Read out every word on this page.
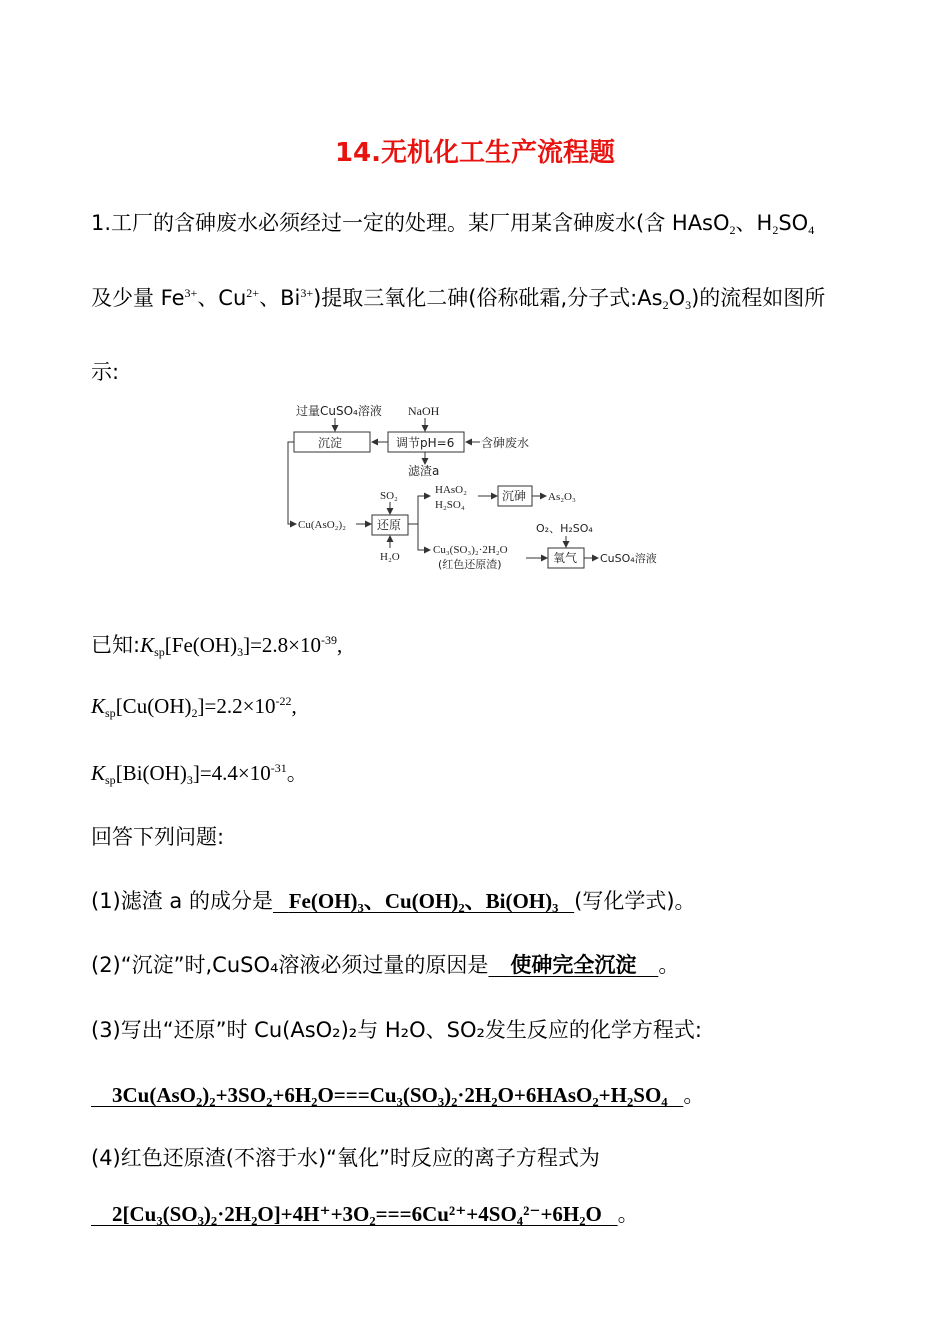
14.无机化工生产流程题
1.工厂的含砷废水必须经过一定的处理。某厂用某含砷废水(含 HAsO$_2$、$H_2SO_4$
及少量 $Fe^{3+}$、$Cu^{2+}$、$Bi^{3+}$)提取三氧化二砷(俗称砒霜,分子式$:As_2O_3$)的流程如图所
示:
过量CuSO₄溶液 NaOH
沉淀	调节pH=6 含砷废水
滤渣a
SO₂	HAsO₂
H₂SO₄
沉砷 As₂O₃
Cu(AsO₂)₂	还原
H₂O
Cu₃(SO₃)₂·2H₂O
(红色还原渣)
O₂、H₂SO₄
氧气 CuSO₄溶液
已知$:K_{sp}[Fe(OH)_3]=2.8\times 10^{-39}$,
$K_{sp}[Cu(OH)_2]=2.2\times 10^{-22}$,
$K_{sp}[Bi(OH)_3]=4.4\times 10^{-31}$。
回答下列问题:
(1)滤渣 a 的成分是 Fe(OH)₃、Cu(OH)₂、Bi(OH)₃ (写化学式)。
(2)“沉淀”时,CuSO₄溶液必须过量的原因是 使砷完全沉淀 。
(3)写出“还原”时 Cu(AsO₂)₂与 H₂O、SO₂发生反应的化学方程式:
3Cu(AsO₂)₂+3SO₂+6H₂O===Cu₃(SO₃)₂·2H₂O+6HAsO₂+H₂SO₄ 。
(4)红色还原渣(不溶于水)“氧化”时反应的离子方程式为
2[Cu₃(SO₃)₂·2H₂O]+4H⁺+3O₂===6Cu²⁺+4SO₄²⁻+6H₂O 。
